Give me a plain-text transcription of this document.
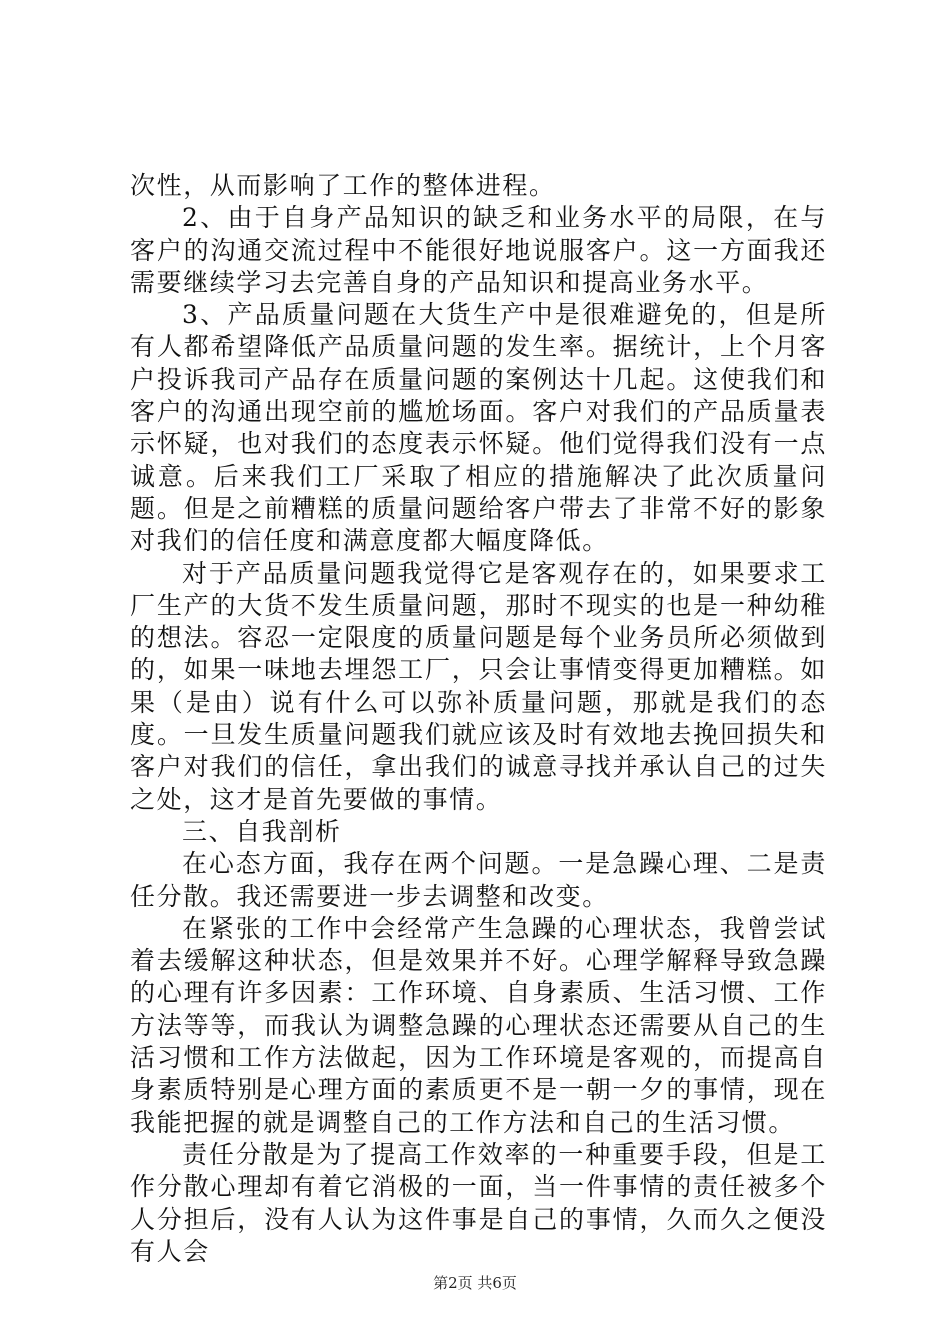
次性，从而影响了工作的整体进程。

2、由于自身产品知识的缺乏和业务水平的局限，在与客户的沟通交流过程中不能很好地说服客户。这一方面我还需要继续学习去完善自身的产品知识和提高业务水平。

3、产品质量问题在大货生产中是很难避免的，但是所有人都希望降低产品质量问题的发生率。据统计，上个月客户投诉我司产品存在质量问题的案例达十几起。这使我们和客户的沟通出现空前的尴尬场面。客户对我们的产品质量表示怀疑，也对我们的态度表示怀疑。他们觉得我们没有一点诚意。后来我们工厂采取了相应的措施解决了此次质量问题。但是之前糟糕的质量问题给客户带去了非常不好的影象对我们的信任度和满意度都大幅度降低。

对于产品质量问题我觉得它是客观存在的，如果要求工厂生产的大货不发生质量问题，那时不现实的也是一种幼稚的想法。容忍一定限度的质量问题是每个业务员所必须做到的，如果一味地去埋怨工厂，只会让事情变得更加糟糕。如果（是由）说有什么可以弥补质量问题，那就是我们的态度。一旦发生质量问题我们就应该及时有效地去挽回损失和客户对我们的信任，拿出我们的诚意寻找并承认自己的过失之处，这才是首先要做的事情。

三、自我剖析

在心态方面，我存在两个问题。一是急躁心理、二是责任分散。我还需要进一步去调整和改变。

在紧张的工作中会经常产生急躁的心理状态，我曾尝试着去缓解这种状态，但是效果并不好。心理学解释导致急躁的心理有许多因素：工作环境、自身素质、生活习惯、工作方法等等，而我认为调整急躁的心理状态还需要从自己的生活习惯和工作方法做起，因为工作环境是客观的，而提高自身素质特别是心理方面的素质更不是一朝一夕的事情，现在我能把握的就是调整自己的工作方法和自己的生活习惯。

责任分散是为了提高工作效率的一种重要手段，但是工作分散心理却有着它消极的一面，当一件事情的责任被多个人分担后，没有人认为这件事是自己的事情，久而久之便没有人会

第2页 共6页
